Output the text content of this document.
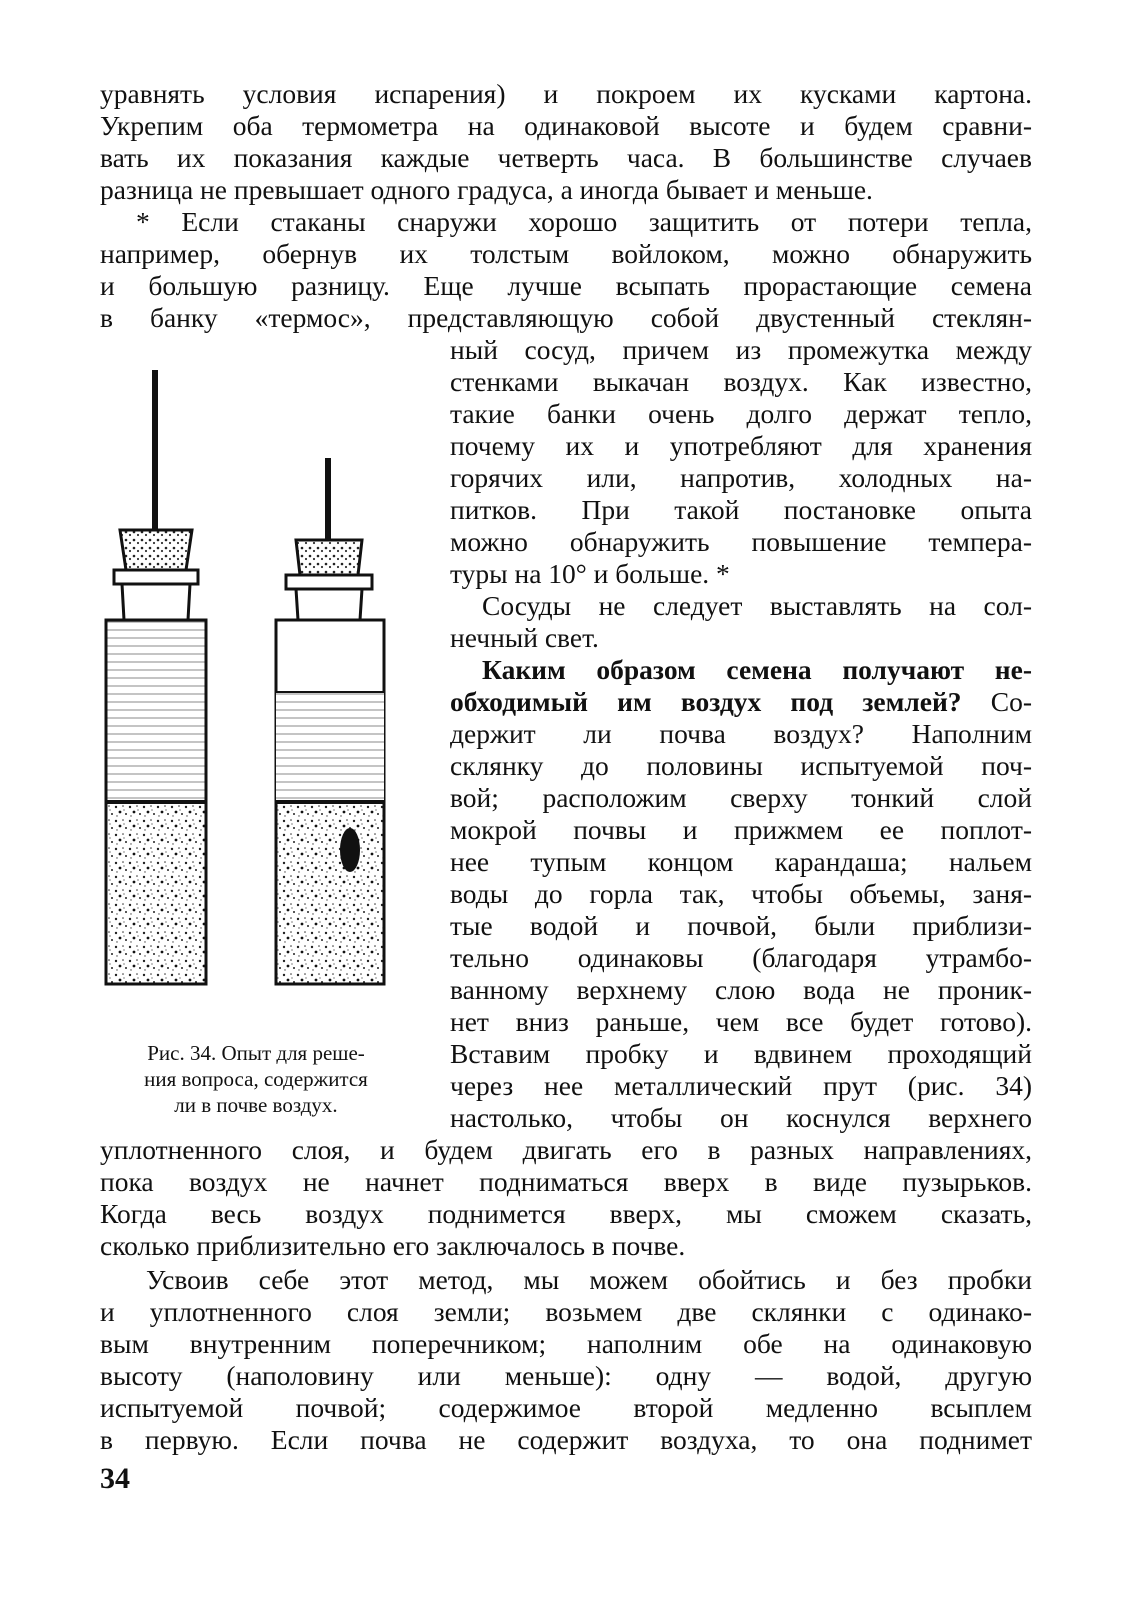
уравнять условия испарения) и покроем их кусками картона.
Укрепим оба термометра на одинаковой высоте и будем сравни-
вать их показания каждые четверть часа. В большинстве случаев
разница не превышает одного градуса, а иногда бывает и меньше.
* Если стаканы снаружи хорошо защитить от потери тепла,
например, обернув их толстым войлоком, можно обнаружить
и большую разницу. Еще лучше всыпать прорастающие семена
в банку «термос», представляющую собой двустенный стеклян-
ный сосуд, причем из промежутка между
стенками выкачан воздух. Как известно,
такие банки очень долго держат тепло,
почему их и употребляют для хранения
горячих или, напротив, холодных на-
питков. При такой постановке опыта
можно обнаружить повышение темпера-
туры на 10° и больше. *
Сосуды не следует выставлять на сол-
нечный свет.
Каким образом семена получают не-
обходимый им воздух под землей? Со-
держит ли почва воздух? Наполним
склянку до половины испытуемой поч-
вой; расположим сверху тонкий слой
мокрой почвы и прижмем ее поплот-
нее тупым концом карандаша; нальем
воды до горла так, чтобы объемы, заня-
тые водой и почвой, были приблизи-
тельно одинаковы (благодаря утрамбо-
ванному верхнему слою вода не проник-
нет вниз раньше, чем все будет готово).
Вставим пробку и вдвинем проходящий
через нее металлический прут (рис. 34)
настолько, чтобы он коснулся верхнего
уплотненного слоя, и будем двигать его в разных направлениях,
пока воздух не начнет подниматься вверх в виде пузырьков.
Когда весь воздух поднимется вверх, мы сможем сказать,
сколько приблизительно его заключалось в почве.
Усвоив себе этот метод, мы можем обойтись и без пробки
и уплотненного слоя земли; возьмем две склянки с одинако-
вым внутренним поперечником; наполним обе на одинаковую
высоту (наполовину или меньше): одну — водой, другую
испытуемой почвой; содержимое второй медленно всыплем
в первую. Если почва не содержит воздуха, то она поднимет
Рис. 34. Опыт для реше-
ния вопроса, содержится
ли в почве воздух.
34
